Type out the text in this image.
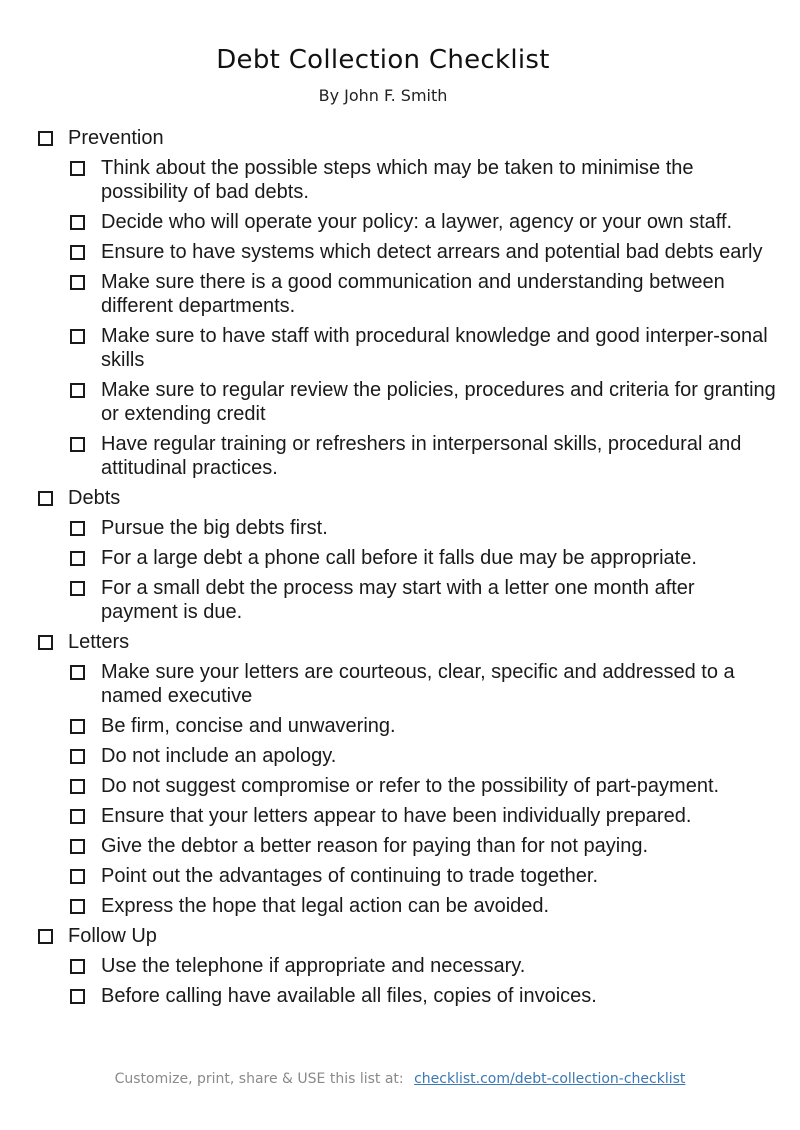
Debt Collection Checklist
By John F. Smith
Prevention
Think about the possible steps which may be taken to minimise the possibility of bad debts.
Decide who will operate your policy: a laywer, agency or your own staff.
Ensure to have systems which detect arrears and potential bad debts early
Make sure there is a good communication and understanding between different departments.
Make sure to have staff with procedural knowledge and good interper-sonal skills
Make sure to regular review the policies, procedures and criteria for granting or extending credit
Have regular training or refreshers in interpersonal skills, procedural and attitudinal practices.
Debts
Pursue the big debts first.
For a large debt a phone call before it falls due may be appropriate.
For a small debt the process may start with a letter one month after payment is due.
Letters
Make sure your letters are courteous, clear, specific and addressed to a named executive
Be firm, concise and unwavering.
Do not include an apology.
Do not suggest compromise or refer to the possibility of part-payment.
Ensure that your letters appear to have been individually prepared.
Give the debtor a better reason for paying than for not paying.
Point out the advantages of continuing to trade together.
Express the hope that legal action can be avoided.
Follow Up
Use the telephone if appropriate and necessary.
Before calling have available all files, copies of invoices.
Customize, print, share & USE this list at: checklist.com/debt-collection-checklist
